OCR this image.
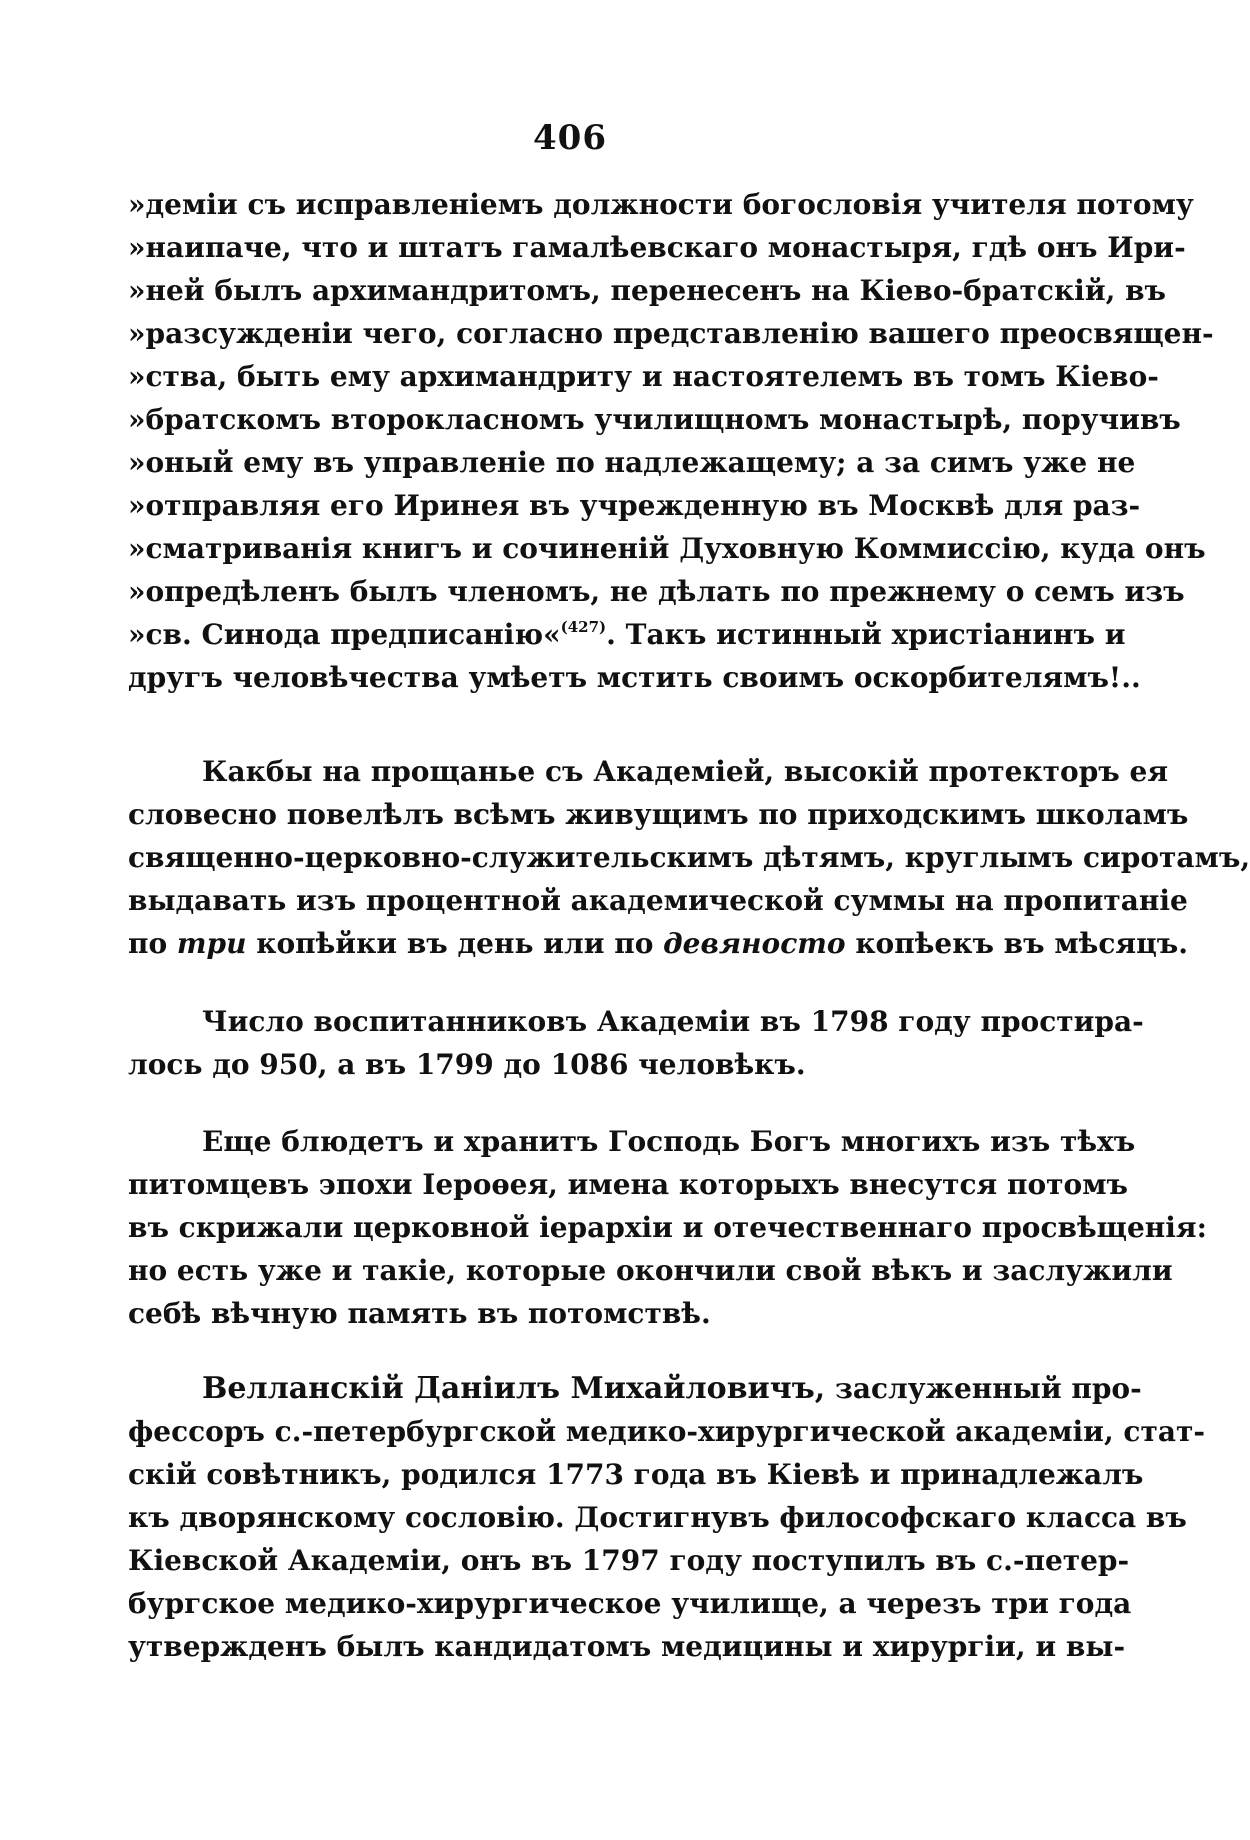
406
»деміи съ исправленіемъ должности богословія учителя потому
»наипаче, что и штатъ гамалѣевскаго монастыря, гдѣ онъ Ири-
»ней былъ архимандритомъ, перенесенъ на Кіево-братскій, въ
»разсужденіи чего, согласно представленію вашего преосвящен-
»ства, быть ему архимандриту и настоятелемъ въ томъ Кіево-
»братскомъ второкласномъ училищномъ монастырѣ, поручивъ
»оный ему въ управленіе по надлежащему; а за симъ уже не
»отправляя его Иринея въ учрежденную въ Москвѣ для раз-
»сматриванія книгъ и сочиненій Духовную Коммиссію, куда онъ
»опредѣленъ былъ членомъ, не дѣлать по прежнему о семъ изъ
»св. Синода предписанію«$^{(427)}$. Такъ истинный христіанинъ и
другъ человѣчества умѣетъ мстить своимъ оскорбителямъ!..
Какбы на прощанье съ Академіей, высокій протекторъ ея
словесно повелѣлъ всѣмъ живущимъ по приходскимъ школамъ
священно-церковно-служительскимъ дѣтямъ, круглымъ сиротамъ,
выдавать изъ процентной академической суммы на пропитаніе
по три копѣйки въ день или по девяносто копѣекъ въ мѣсяцъ.
Число воспитанниковъ Академіи въ 1798 году простира-
лось до 950, а въ 1799 до 1086 человѣкъ.
Еще блюдетъ и хранитъ Господь Богъ многихъ изъ тѣхъ
питомцевъ эпохи Іероѳея, имена которыхъ внесутся потомъ
въ скрижали церковной іерархіи и отечественнаго просвѣщенія:
но есть уже и такіе, которые окончили свой вѣкъ и заслужили
себѣ вѣчную память въ потомствѣ.
Велланскій Даніилъ Михайловичъ, заслуженный про-
фессоръ с.-петербургской медико-хирургической академіи, стат-
скій совѣтникъ, родился 1773 года въ Кіевѣ и принадлежалъ
къ дворянскому сословію. Достигнувъ философскаго класса въ
Кіевской Академіи, онъ въ 1797 году поступилъ въ с.-петер-
бургское медико-хирургическое училище, а черезъ три года
утвержденъ былъ кандидатомъ медицины и хирургіи, и вы-
